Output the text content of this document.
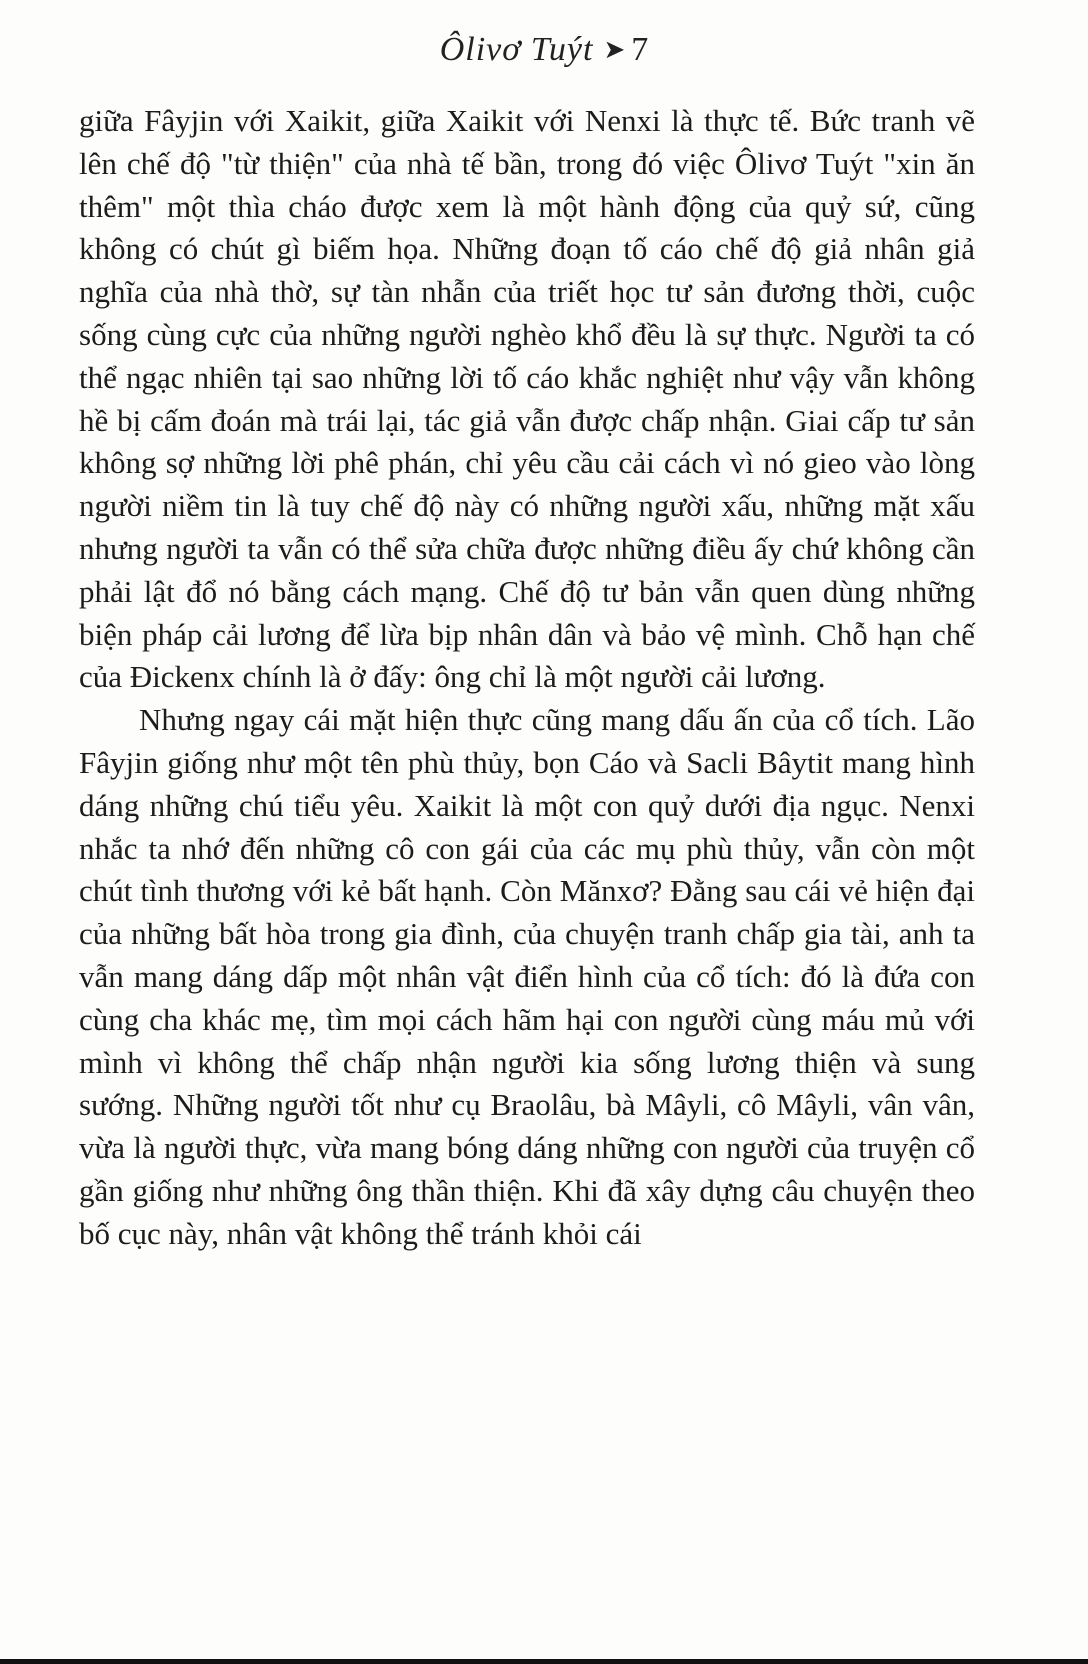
Ôlivơ Tuýt ➤ 7

giữa Fâyjin với Xaikit, giữa Xaikit với Nenxi là thực tế. Bức tranh vẽ lên chế độ "từ thiện" của nhà tế bần, trong đó việc Ôlivơ Tuýt "xin ăn thêm" một thìa cháo được xem là một hành động của quỷ sứ, cũng không có chút gì biếm họa. Những đoạn tố cáo chế độ giả nhân giả nghĩa của nhà thờ, sự tàn nhẫn của triết học tư sản đương thời, cuộc sống cùng cực của những người nghèo khổ đều là sự thực. Người ta có thể ngạc nhiên tại sao những lời tố cáo khắc nghiệt như vậy vẫn không hề bị cấm đoán mà trái lại, tác giả vẫn được chấp nhận. Giai cấp tư sản không sợ những lời phê phán, chỉ yêu cầu cải cách vì nó gieo vào lòng người niềm tin là tuy chế độ này có những người xấu, những mặt xấu nhưng người ta vẫn có thể sửa chữa được những điều ấy chứ không cần phải lật đổ nó bằng cách mạng. Chế độ tư bản vẫn quen dùng những biện pháp cải lương để lừa bịp nhân dân và bảo vệ mình. Chỗ hạn chế của Đickenx chính là ở đấy: ông chỉ là một người cải lương.

Nhưng ngay cái mặt hiện thực cũng mang dấu ấn của cổ tích. Lão Fâyjin giống như một tên phù thủy, bọn Cáo và Sacli Bâytit mang hình dáng những chú tiểu yêu. Xaikit là một con quỷ dưới địa ngục. Nenxi nhắc ta nhớ đến những cô con gái của các mụ phù thủy, vẫn còn một chút tình thương với kẻ bất hạnh. Còn Mănxơ? Đằng sau cái vẻ hiện đại của những bất hòa trong gia đình, của chuyện tranh chấp gia tài, anh ta vẫn mang dáng dấp một nhân vật điển hình của cổ tích: đó là đứa con cùng cha khác mẹ, tìm mọi cách hãm hại con người cùng máu mủ với mình vì không thể chấp nhận người kia sống lương thiện và sung sướng. Những người tốt như cụ Braolâu, bà Mâyli, cô Mâyli, vân vân, vừa là người thực, vừa mang bóng dáng những con người của truyện cổ gần giống như những ông thần thiện. Khi đã xây dựng câu chuyện theo bố cục này, nhân vật không thể tránh khỏi cái
